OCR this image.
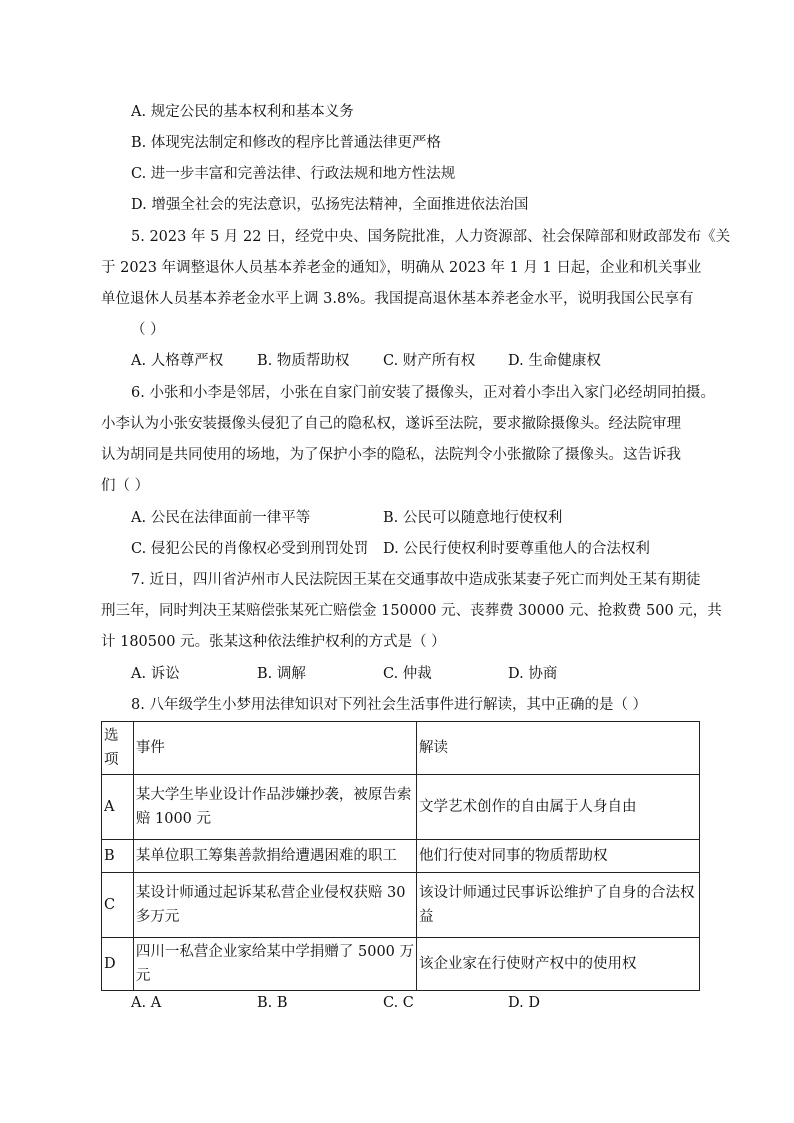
A. 规定公民的基本权利和基本义务
B. 体现宪法制定和修改的程序比普通法律更严格
C. 进一步丰富和完善法律、行政法规和地方性法规
D. 增强全社会的宪法意识，弘扬宪法精神，全面推进依法治国
5. 2023 年 5 月 22 日，经党中央、国务院批准，人力资源部、社会保障部和财政部发布《关
于 2023 年调整退休人员基本养老金的通知》，明确从 2023 年 1 月 1 日起，企业和机关事业
单位退休人员基本养老金水平上调 3.8%。我国提高退休基本养老金水平，说明我国公民享有
（ ）
A. 人格尊严权 B. 物质帮助权 C. 财产所有权 D. 生命健康权
6. 小张和小李是邻居，小张在自家门前安装了摄像头，正对着小李出入家门必经胡同拍摄。
小李认为小张安装摄像头侵犯了自己的隐私权，遂诉至法院，要求撤除摄像头。经法院审理
认为胡同是共同使用的场地，为了保护小李的隐私，法院判令小张撤除了摄像头。这告诉我
们（ ）
A. 公民在法律面前一律平等	B. 公民可以随意地行使权利
C. 侵犯公民的肖像权必受到刑罚处罚 D. 公民行使权利时要尊重他人的合法权利
7. 近日，四川省泸州市人民法院因王某在交通事故中造成张某妻子死亡而判处王某有期徒
刑三年，同时判决王某赔偿张某死亡赔偿金 150000 元、丧葬费 30000 元、抢救费 500 元，共
计 180500 元。张某这种依法维护权利的方式是（ ）
A. 诉讼	B. 调解	C. 仲裁	D. 协商
8. 八年级学生小梦用法律知识对下列社会生活事件进行解读，其中正确的是（ ）
选项	事件	解读
A	某大学生毕业设计作品涉嫌抄袭，被原告索赔 1000 元	文学艺术创作的自由属于人身自由
B	某单位职工筹集善款捐给遭遇困难的职工	他们行使对同事的物质帮助权
C	某设计师通过起诉某私营企业侵权获赔 30 多万元	该设计师通过民事诉讼维护了自身的合法权益
D	四川一私营企业家给某中学捐赠了 5000 万元	该企业家在行使财产权中的使用权
A. A	B. B	C. C	D. D
